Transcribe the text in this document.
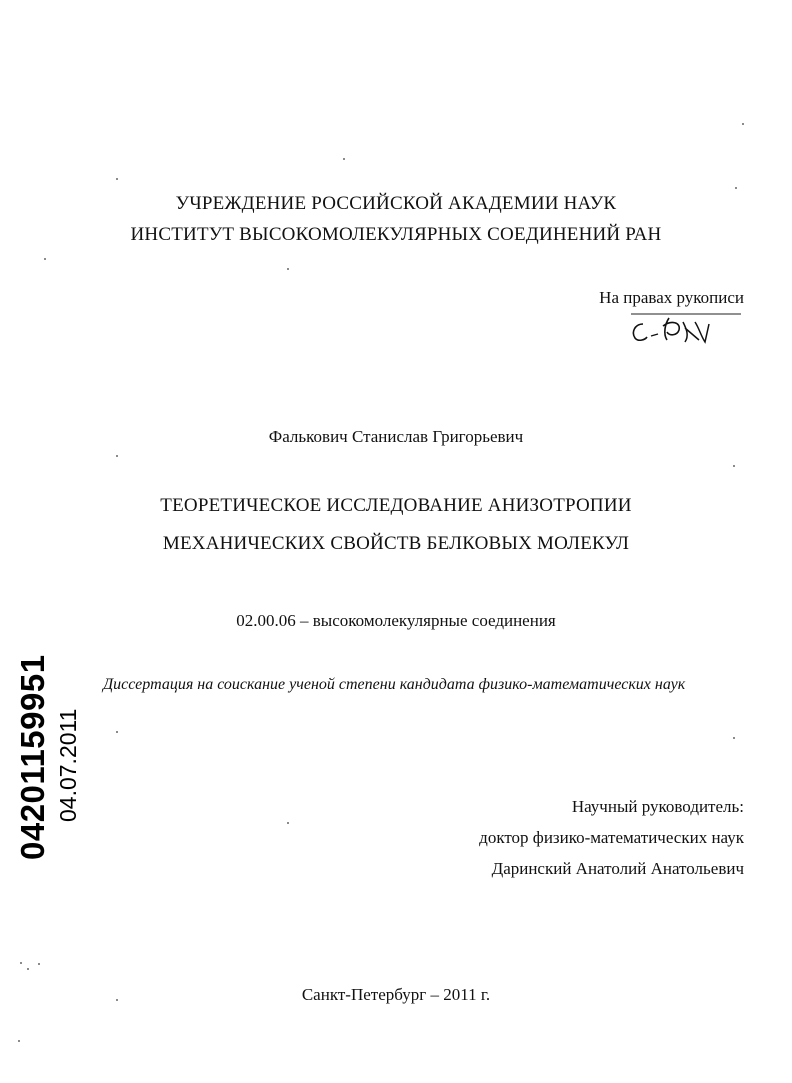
УЧРЕЖДЕНИЕ РОССИЙСКОЙ АКАДЕМИИ НАУК
ИНСТИТУТ ВЫСОКОМОЛЕКУЛЯРНЫХ СОЕДИНЕНИЙ РАН
На правах рукописи
Фалькович Станислав Григорьевич
ТЕОРЕТИЧЕСКОЕ ИССЛЕДОВАНИЕ АНИЗОТРОПИИ
МЕХАНИЧЕСКИХ СВОЙСТВ БЕЛКОВЫХ МОЛЕКУЛ
02.00.06 – высокомолекулярные соединения
Диссертация на соискание ученой степени кандидата физико-математических наук
Научный руководитель:
доктор физико-математических наук
Даринский Анатолий Анатольевич
Санкт-Петербург – 2011 г.
04201159951 04.07.2011
